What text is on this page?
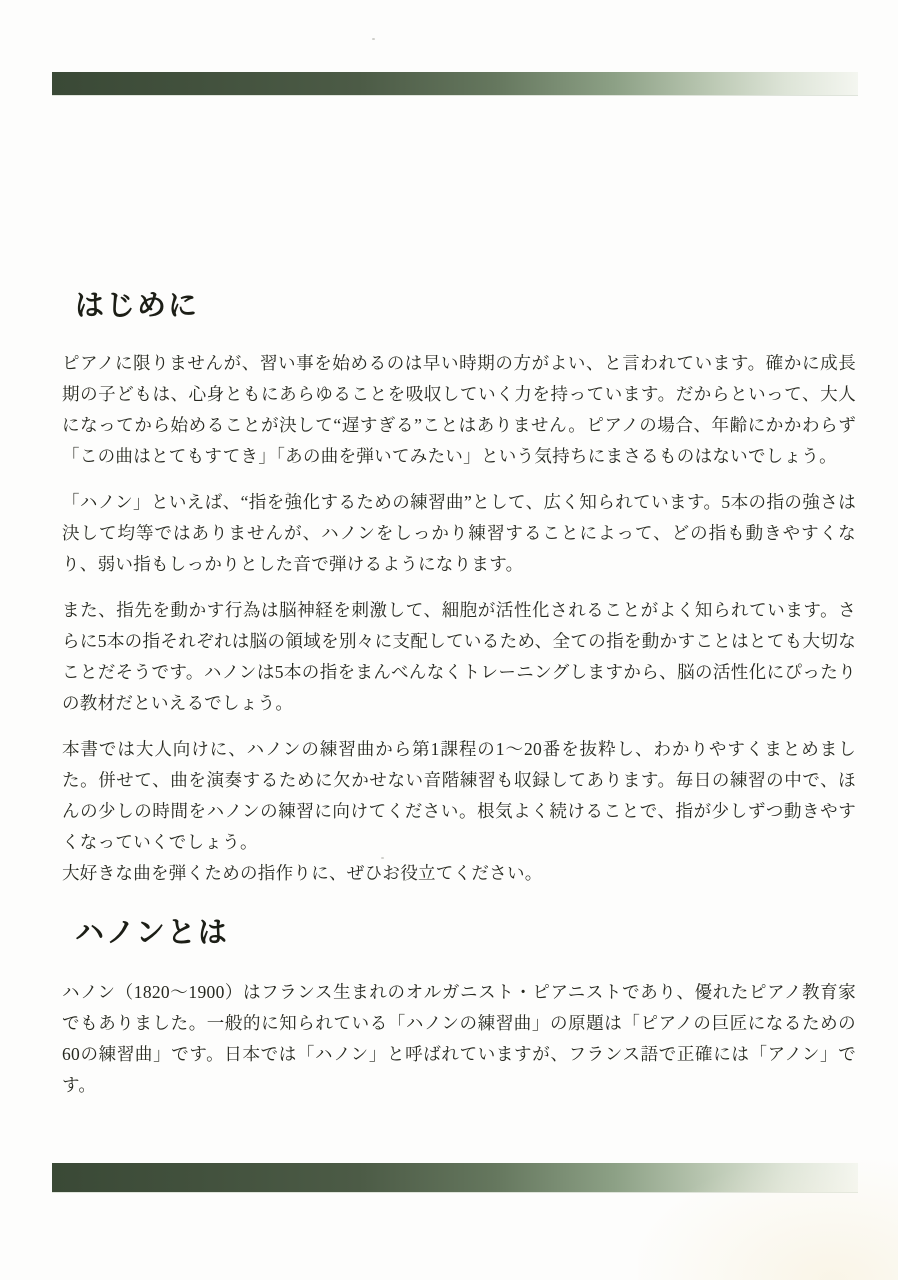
はじめに

ピアノに限りませんが、習い事を始めるのは早い時期の方がよい、と言われています。確かに成長期の子どもは、心身ともにあらゆることを吸収していく力を持っています。だからといって、大人になってから始めることが決して“遅すぎる”ことはありません。ピアノの場合、年齢にかかわらず「この曲はとてもすてき」「あの曲を弾いてみたい」という気持ちにまさるものはないでしょう。

「ハノン」といえば、“指を強化するための練習曲”として、広く知られています。5本の指の強さは決して均等ではありませんが、ハノンをしっかり練習することによって、どの指も動きやすくなり、弱い指もしっかりとした音で弾けるようになります。

また、指先を動かす行為は脳神経を刺激して、細胞が活性化されることがよく知られています。さらに5本の指それぞれは脳の領域を別々に支配しているため、全ての指を動かすことはとても大切なことだそうです。ハノンは5本の指をまんべんなくトレーニングしますから、脳の活性化にぴったりの教材だといえるでしょう。

本書では大人向けに、ハノンの練習曲から第1課程の1〜20番を抜粋し、わかりやすくまとめました。併せて、曲を演奏するために欠かせない音階練習も収録してあります。毎日の練習の中で、ほんの少しの時間をハノンの練習に向けてください。根気よく続けることで、指が少しずつ動きやすくなっていくでしょう。

大好きな曲を弾くための指作りに、ぜひお役立てください。

ハノンとは

ハノン（1820〜1900）はフランス生まれのオルガニスト・ピアニストであり、優れたピアノ教育家でもありました。一般的に知られている「ハノンの練習曲」の原題は「ピアノの巨匠になるための60の練習曲」です。日本では「ハノン」と呼ばれていますが、フランス語で正確には「アノン」です。
